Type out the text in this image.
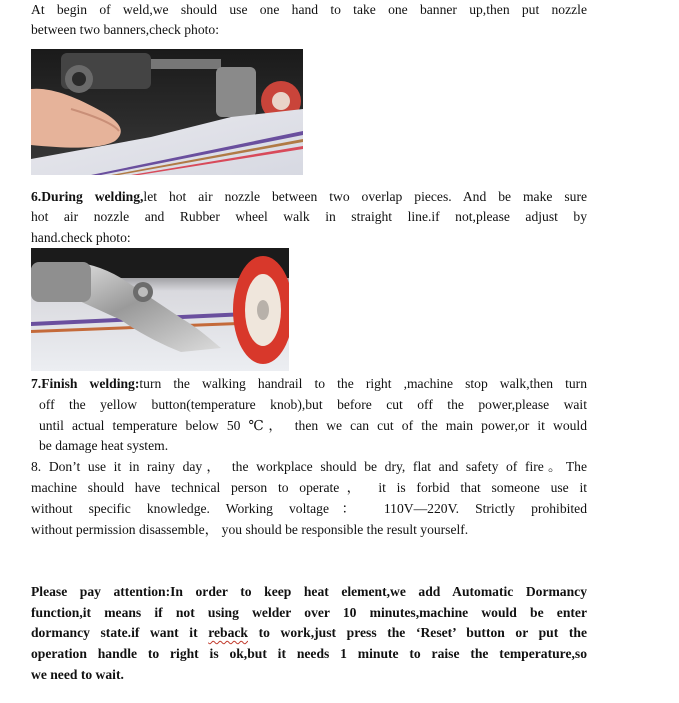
At begin of weld,we should use one hand to take one banner up,then put nozzle
between two banners,check photo:
6.During welding,let hot air nozzle between two overlap pieces. And be make sure
hot air nozzle and Rubber wheel walk in straight line.if not,please adjust by
hand.check photo:
7.Finish welding:turn the walking handrail to the right ,machine stop walk,then turn
off the yellow button(temperature knob),but before cut off the power,please wait
until actual temperature below 50 ℃， then we can cut of the main power,or it would
be damage heat system.
8. Don’t use it in rainy day， the workplace should be dry, flat and safety of fire。The
machine should have technical person to operate， it is forbid that someone use it
without specific knowledge. Working voltage： 110V—220V. Strictly prohibited
without permission disassemble， you should be responsible the result yourself.
Please pay attention:In order to keep heat element,we add Automatic Dormancy
function,it means if not using welder over 10 minutes,machine would be enter
dormancy state.if want it reback to work,just press the ‘Reset’ button or put the
operation handle to right is ok,but it needs 1 minute to raise the temperature,so
we need to wait.
